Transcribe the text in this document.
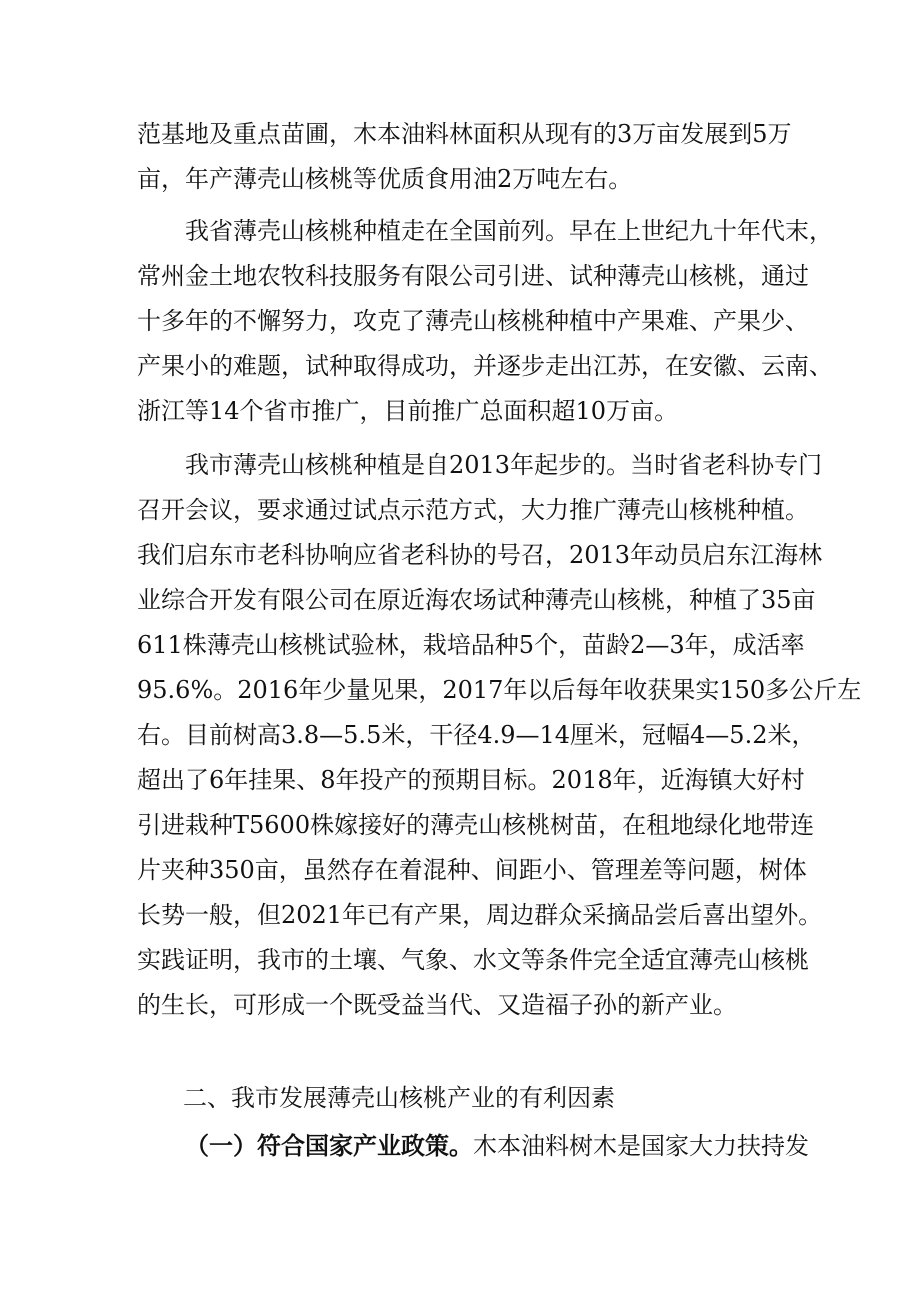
范基地及重点苗圃，木本油料林面积从现有的3万亩发展到5万
亩，年产薄壳山核桃等优质食用油2万吨左右。
我省薄壳山核桃种植走在全国前列。早在上世纪九十年代末，
常州金土地农牧科技服务有限公司引进、试种薄壳山核桃，通过
十多年的不懈努力，攻克了薄壳山核桃种植中产果难、产果少、
产果小的难题，试种取得成功，并逐步走出江苏，在安徽、云南、
浙江等14个省市推广，目前推广总面积超10万亩。
我市薄壳山核桃种植是自2013年起步的。当时省老科协专门
召开会议，要求通过试点示范方式，大力推广薄壳山核桃种植。
我们启东市老科协响应省老科协的号召，2013年动员启东江海林
业综合开发有限公司在原近海农场试种薄壳山核桃，种植了35亩
611株薄壳山核桃试验林，栽培品种5个，苗龄2—3年，成活率
95.6%。2016年少量见果，2017年以后每年收获果实150多公斤左
右。目前树高3.8—5.5米，干径4.9—14厘米，冠幅4—5.2米，
超出了6年挂果、8年投产的预期目标。2018年，近海镇大好村
引进栽种T5600株嫁接好的薄壳山核桃树苗，在租地绿化地带连
片夹种350亩，虽然存在着混种、间距小、管理差等问题，树体
长势一般，但2021年已有产果，周边群众采摘品尝后喜出望外。
实践证明，我市的土壤、气象、水文等条件完全适宜薄壳山核桃
的生长，可形成一个既受益当代、又造福子孙的新产业。
二、我市发展薄壳山核桃产业的有利因素
（一）符合国家产业政策。木本油料树木是国家大力扶持发
